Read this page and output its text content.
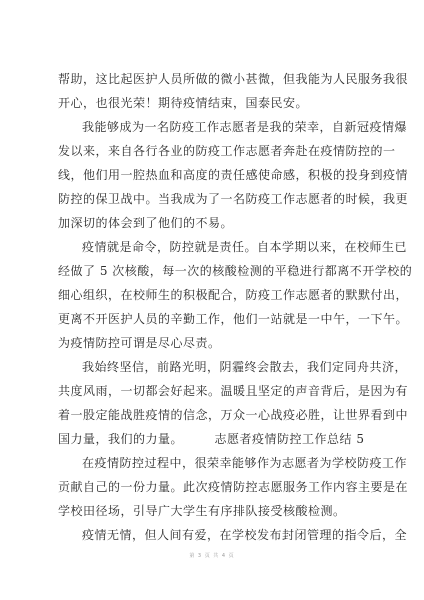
帮助，这比起医护人员所做的微小甚微，但我能为人民服务我很
开心，也很光荣！期待疫情结束，国泰民安。

我能够成为一名防疫工作志愿者是我的荣幸，自新冠疫情爆
发以来，来自各行各业的防疫工作志愿者奔赴在疫情防控的一
线，他们用一腔热血和高度的责任感使命感，积极的投身到疫情
防控的保卫战中。当我成为了一名防疫工作志愿者的时候，我更
加深切的体会到了他们的不易。

疫情就是命令，防控就是责任。自本学期以来，在校师生已
经做了 5 次核酸，每一次的核酸检测的平稳进行都离不开学校的
细心组织，在校师生的积极配合，防疫工作志愿者的默默付出，
更离不开医护人员的辛勤工作，他们一站就是一中午，一下午。
为疫情防控可谓是尽心尽责。

我始终坚信，前路光明，阴霾终会散去，我们定同舟共济，
共度风雨，一切都会好起来。温暖且坚定的声音背后，是因为有
着一股定能战胜疫情的信念，万众一心战疫必胜，让世界看到中
国力量，我们的力量。　　　志愿者疫情防控工作总结 5

在疫情防控过程中，很荣幸能够作为志愿者为学校防疫工作
贡献自己的一份力量。此次疫情防控志愿服务工作内容主要是在
学校田径场，引导广大学生有序排队接受核酸检测。

疫情无情，但人间有爱，在学校发布封闭管理的指令后，全

第 3 页 共 4 页
